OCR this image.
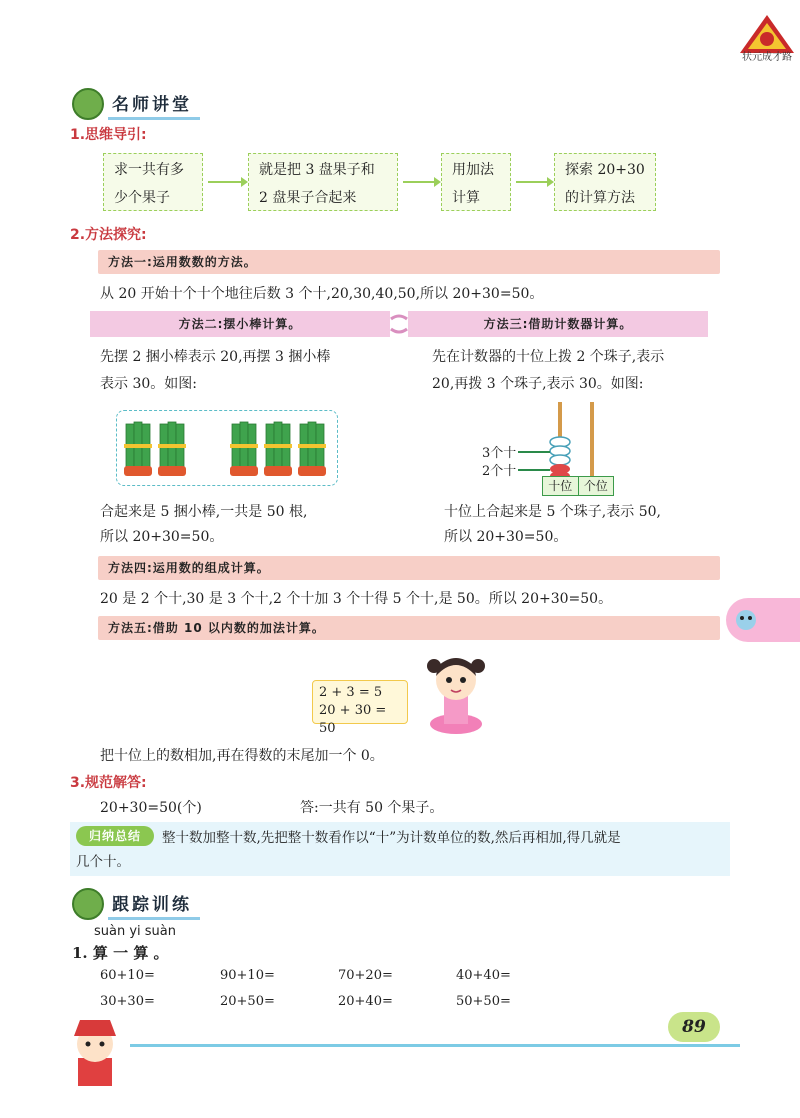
状元成才路
名师讲堂
1.思维导引:
求一共有多
少个果子
就是把 3 盘果子和
2 盘果子合起来
用加法
计算
探索 20+30
的计算方法
2.方法探究:
方法一:运用数数的方法。
从 20 开始十个十个地往后数 3 个十,20,30,40,50,所以 20+30=50。
方法二:摆小棒计算。	方法三:借助计数器计算。
先摆 2 捆小棒表示 20,再摆 3 捆小棒
表示 30。如图:
先在计数器的十位上拨 2 个珠子,表示
20,再拨 3 个珠子,表示 30。如图:
3个十
2个十
十位 个位
合起来是 5 捆小棒,一共是 50 根,
所以 20+30=50。
十位上合起来是 5 个珠子,表示 50,
所以 20+30=50。
方法四:运用数的组成计算。
20 是 2 个十,30 是 3 个十,2 个十加 3 个十得 5 个十,是 50。所以 20+30=50。
方法五:借助 10 以内数的加法计算。
2 + 3 = 5
20 + 30 = 50
把十位上的数相加,再在得数的末尾加一个 0。
3.规范解答:
20+30=50(个)	答:一共有 50 个果子。
归纳总结	整十数加整十数,先把整十数看作以“十”为计数单位的数,然后再相加,得几就是
几个十。
跟踪训练
suàn yi suàn
1. 算 一 算 。
60+10=	90+10=	70+20=	40+40=
30+30=	20+50=	20+40=	50+50=
89
